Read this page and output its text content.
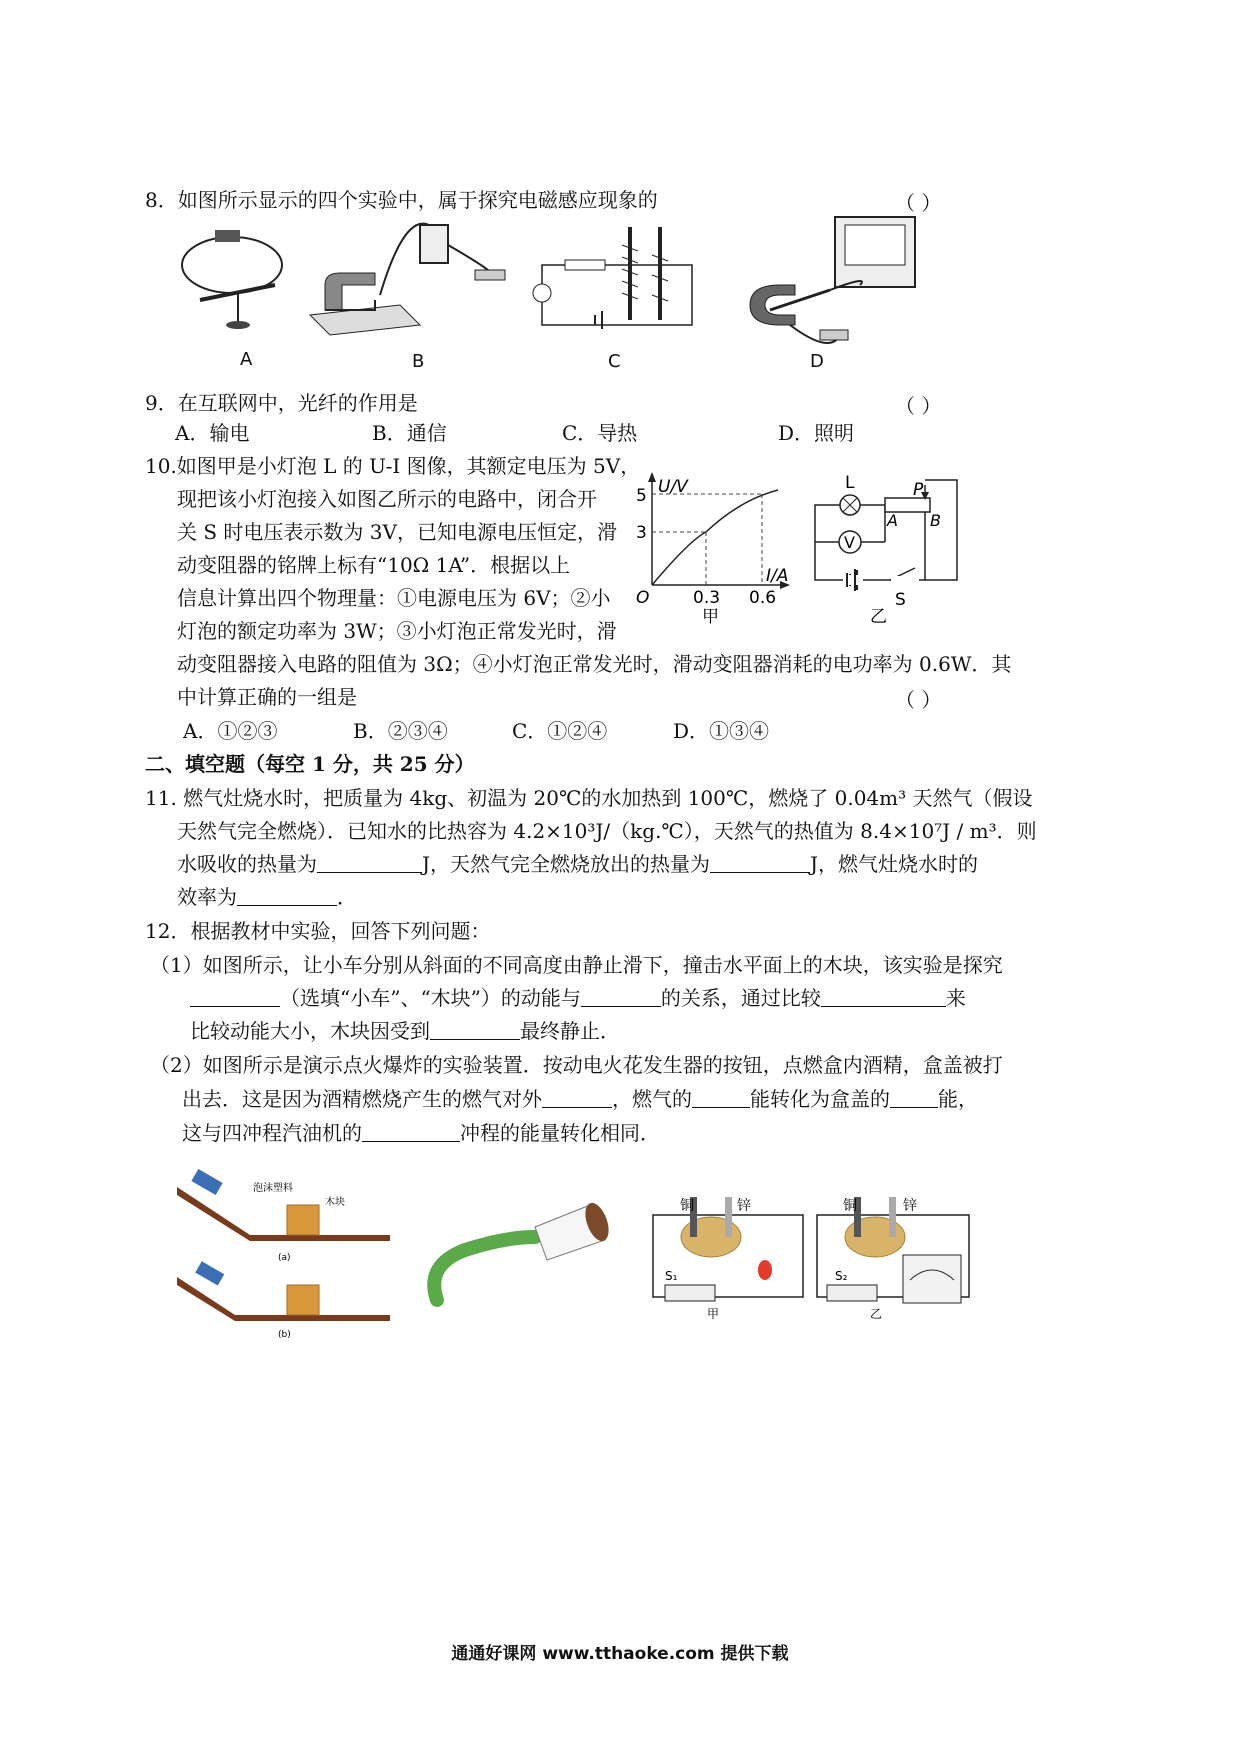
8．如图所示显示的四个实验中，属于探究电磁感应现象的	（ ）
A	B	C	D
9．在互联网中，光纤的作用是	（ ）
A．输电	B．通信	C．导热	D．照明
10.如图甲是小灯泡 L 的 U-I 图像，其额定电压为 5V，
现把该小灯泡接入如图乙所示的电路中，闭合开
关 S 时电压表示数为 3V，已知电源电压恒定，滑
动变阻器的铭牌上标有“10Ω 1A”．根据以上
信息计算出四个物理量：①电源电压为 6V；②小
灯泡的额定功率为 3W；③小灯泡正常发光时，滑
动变阻器接入电路的阻值为 3Ω；④小灯泡正常发光时，滑动变阻器消耗的电功率为 0.6W．其
中计算正确的一组是	（ ）
A．①②③	B．②③④	C．①②④	D．①③④
U/V
I/A
O
5
3
0.3 0.6
甲
L
V
P
A B
S
乙
二、填空题（每空 1 分，共 25 分）
11. 燃气灶烧水时，把质量为 4kg、初温为 20℃的水加热到 100℃，燃烧了 0.04m³ 天然气（假设
天然气完全燃烧）．已知水的比热容为 4.2×10³J/（kg.℃），天然气的热值为 8.4×10⁷J / m³．则
水吸收的热量为	J，天然气完全燃烧放出的热量为	J，燃气灶烧水时的
效率为	．
12．根据教材中实验，回答下列问题：
（1）如图所示，让小车分别从斜面的不同高度由静止滑下，撞击水平面上的木块，该实验是探究
（选填“小车”、“木块”）的动能与	的关系，通过比较	来
比较动能大小，木块因受到	最终静止．
（2）如图所示是演示点火爆炸的实验装置．按动电火花发生器的按钮，点燃盒内酒精，盒盖被打
出去．这是因为酒精燃烧产生的燃气对外	，燃气的	能转化为盒盖的 能，
这与四冲程汽油机的	冲程的能量转化相同．
泡沫塑料
木块
(a)
(b)
铜	锌
S₁
甲
铜	锌
S₂
乙
通通好课网 www.tthaoke.com 提供下载
